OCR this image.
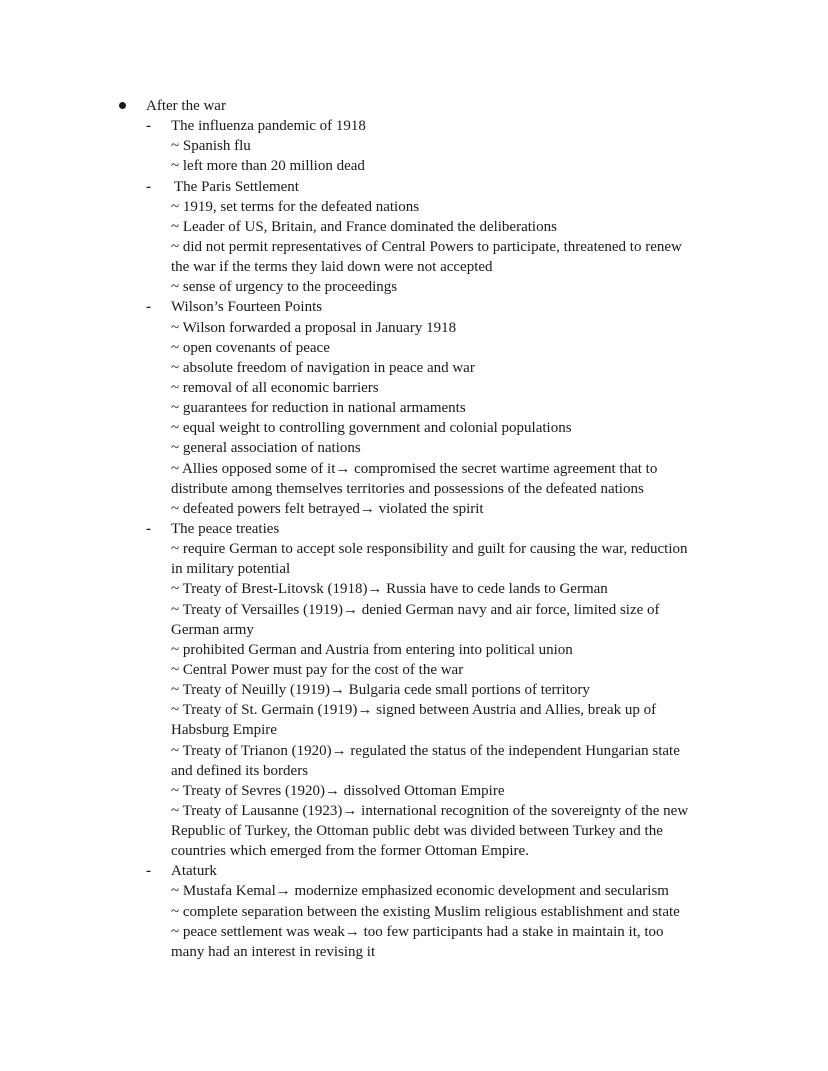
After the war
- The influenza pandemic of 1918
~ Spanish flu
~ left more than 20 million dead
- The Paris Settlement
~ 1919, set terms for the defeated nations
~ Leader of US, Britain, and France dominated the deliberations
~ did not permit representatives of Central Powers to participate, threatened to renew
the war if the terms they laid down were not accepted
~ sense of urgency to the proceedings
- Wilson’s Fourteen Points
~ Wilson forwarded a proposal in January 1918
~ open covenants of peace
~ absolute freedom of navigation in peace and war
~ removal of all economic barriers
~ guarantees for reduction in national armaments
~ equal weight to controlling government and colonial populations
~ general association of nations
~ Allies opposed some of it→ compromised the secret wartime agreement that to
distribute among themselves territories and possessions of the defeated nations
~ defeated powers felt betrayed→ violated the spirit
- The peace treaties
~ require German to accept sole responsibility and guilt for causing the war, reduction
in military potential
~ Treaty of Brest-Litovsk (1918)→ Russia have to cede lands to German
~ Treaty of Versailles (1919)→ denied German navy and air force, limited size of
German army
~ prohibited German and Austria from entering into political union
~ Central Power must pay for the cost of the war
~ Treaty of Neuilly (1919)→ Bulgaria cede small portions of territory
~ Treaty of St. Germain (1919)→ signed between Austria and Allies, break up of
Habsburg Empire
~ Treaty of Trianon (1920)→ regulated the status of the independent Hungarian state
and defined its borders
~ Treaty of Sevres (1920)→ dissolved Ottoman Empire
~ Treaty of Lausanne (1923)→ international recognition of the sovereignty of the new
Republic of Turkey, the Ottoman public debt was divided between Turkey and the
countries which emerged from the former Ottoman Empire.
- Ataturk
~ Mustafa Kemal→ modernize emphasized economic development and secularism
~ complete separation between the existing Muslim religious establishment and state
~ peace settlement was weak→ too few participants had a stake in maintain it, too
many had an interest in revising it
